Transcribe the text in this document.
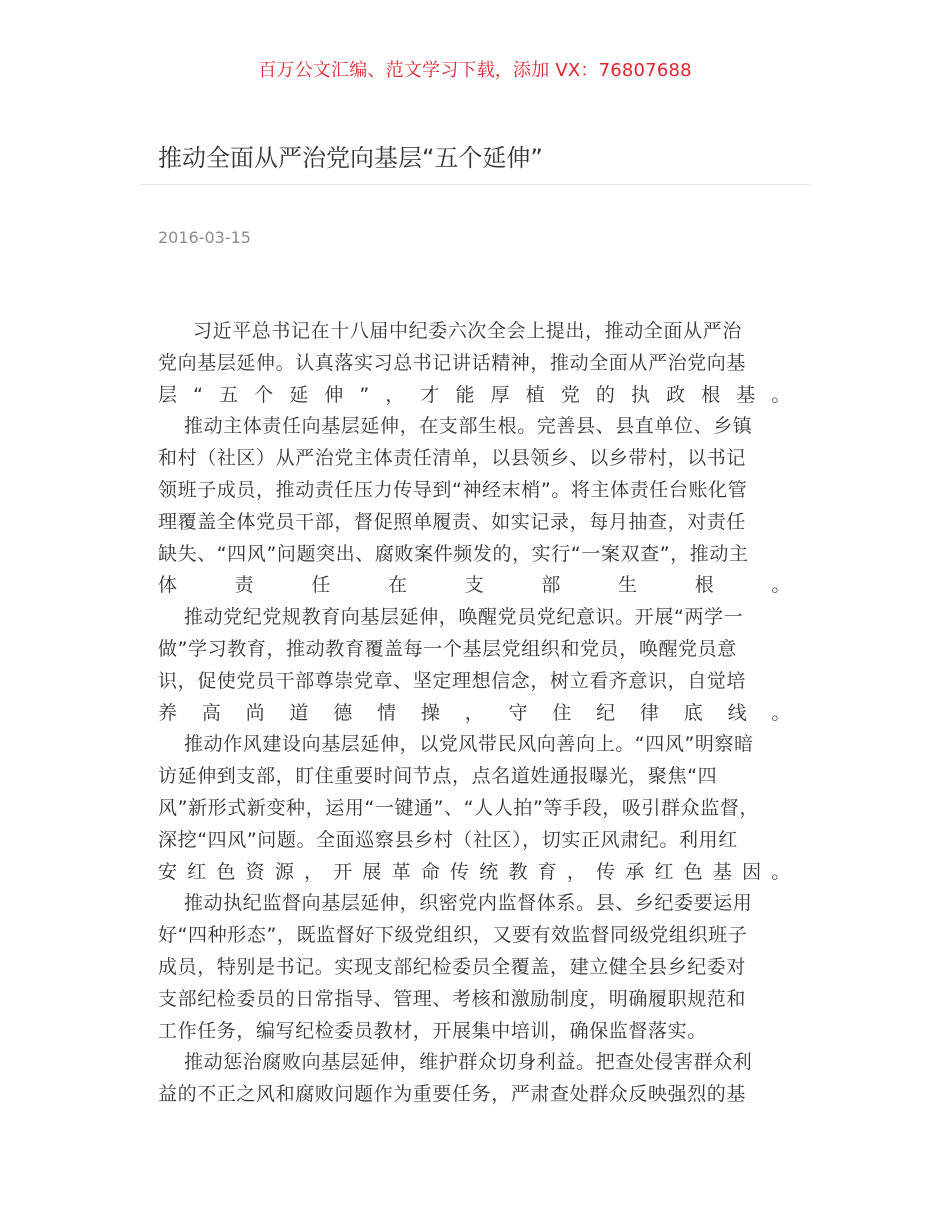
百万公文汇编、范文学习下载，添加 VX：76807688
推动全面从严治党向基层“五个延伸”
2016-03-15
习近平总书记在十八届中纪委六次全会上提出，推动全面从严治
党向基层延伸。认真落实习总书记讲话精神，推动全面从严治党向基
层 “ 五 个 延 伸 ” ， 才 能 厚 植 党 的 执 政 根 基 。
推动主体责任向基层延伸，在支部生根。完善县、县直单位、乡镇
和村（社区）从严治党主体责任清单，以县领乡、以乡带村，以书记
领班子成员，推动责任压力传导到“神经末梢”。将主体责任台账化管
理覆盖全体党员干部，督促照单履责、如实记录，每月抽查，对责任
缺失、“四风”问题突出、腐败案件频发的，实行“一案双查”，推动主
体	责	任	在	支	部	生	根	。
推动党纪党规教育向基层延伸，唤醒党员党纪意识。开展“两学一
做”学习教育，推动教育覆盖每一个基层党组织和党员，唤醒党员意
识，促使党员干部尊崇党章、坚定理想信念，树立看齐意识，自觉培
养 高 尚 道 德 情 操 ， 守 住 纪 律 底 线 。
推动作风建设向基层延伸，以党风带民风向善向上。“四风”明察暗
访延伸到支部，盯住重要时间节点，点名道姓通报曝光，聚焦“四
风”新形式新变种，运用“一键通”、“人人拍”等手段，吸引群众监督，
深挖“四风”问题。全面巡察县乡村（社区），切实正风肃纪。利用红
安 红 色 资 源 ， 开 展 革 命 传 统 教 育 ， 传 承 红 色 基 因 。
推动执纪监督向基层延伸，织密党内监督体系。县、乡纪委要运用
好“四种形态”，既监督好下级党组织，又要有效监督同级党组织班子
成员，特别是书记。实现支部纪检委员全覆盖，建立健全县乡纪委对
支部纪检委员的日常指导、管理、考核和激励制度，明确履职规范和
工作任务，编写纪检委员教材，开展集中培训，确保监督落实。
推动惩治腐败向基层延伸，维护群众切身利益。把查处侵害群众利
益的不正之风和腐败问题作为重要任务，严肃查处群众反映强烈的基
